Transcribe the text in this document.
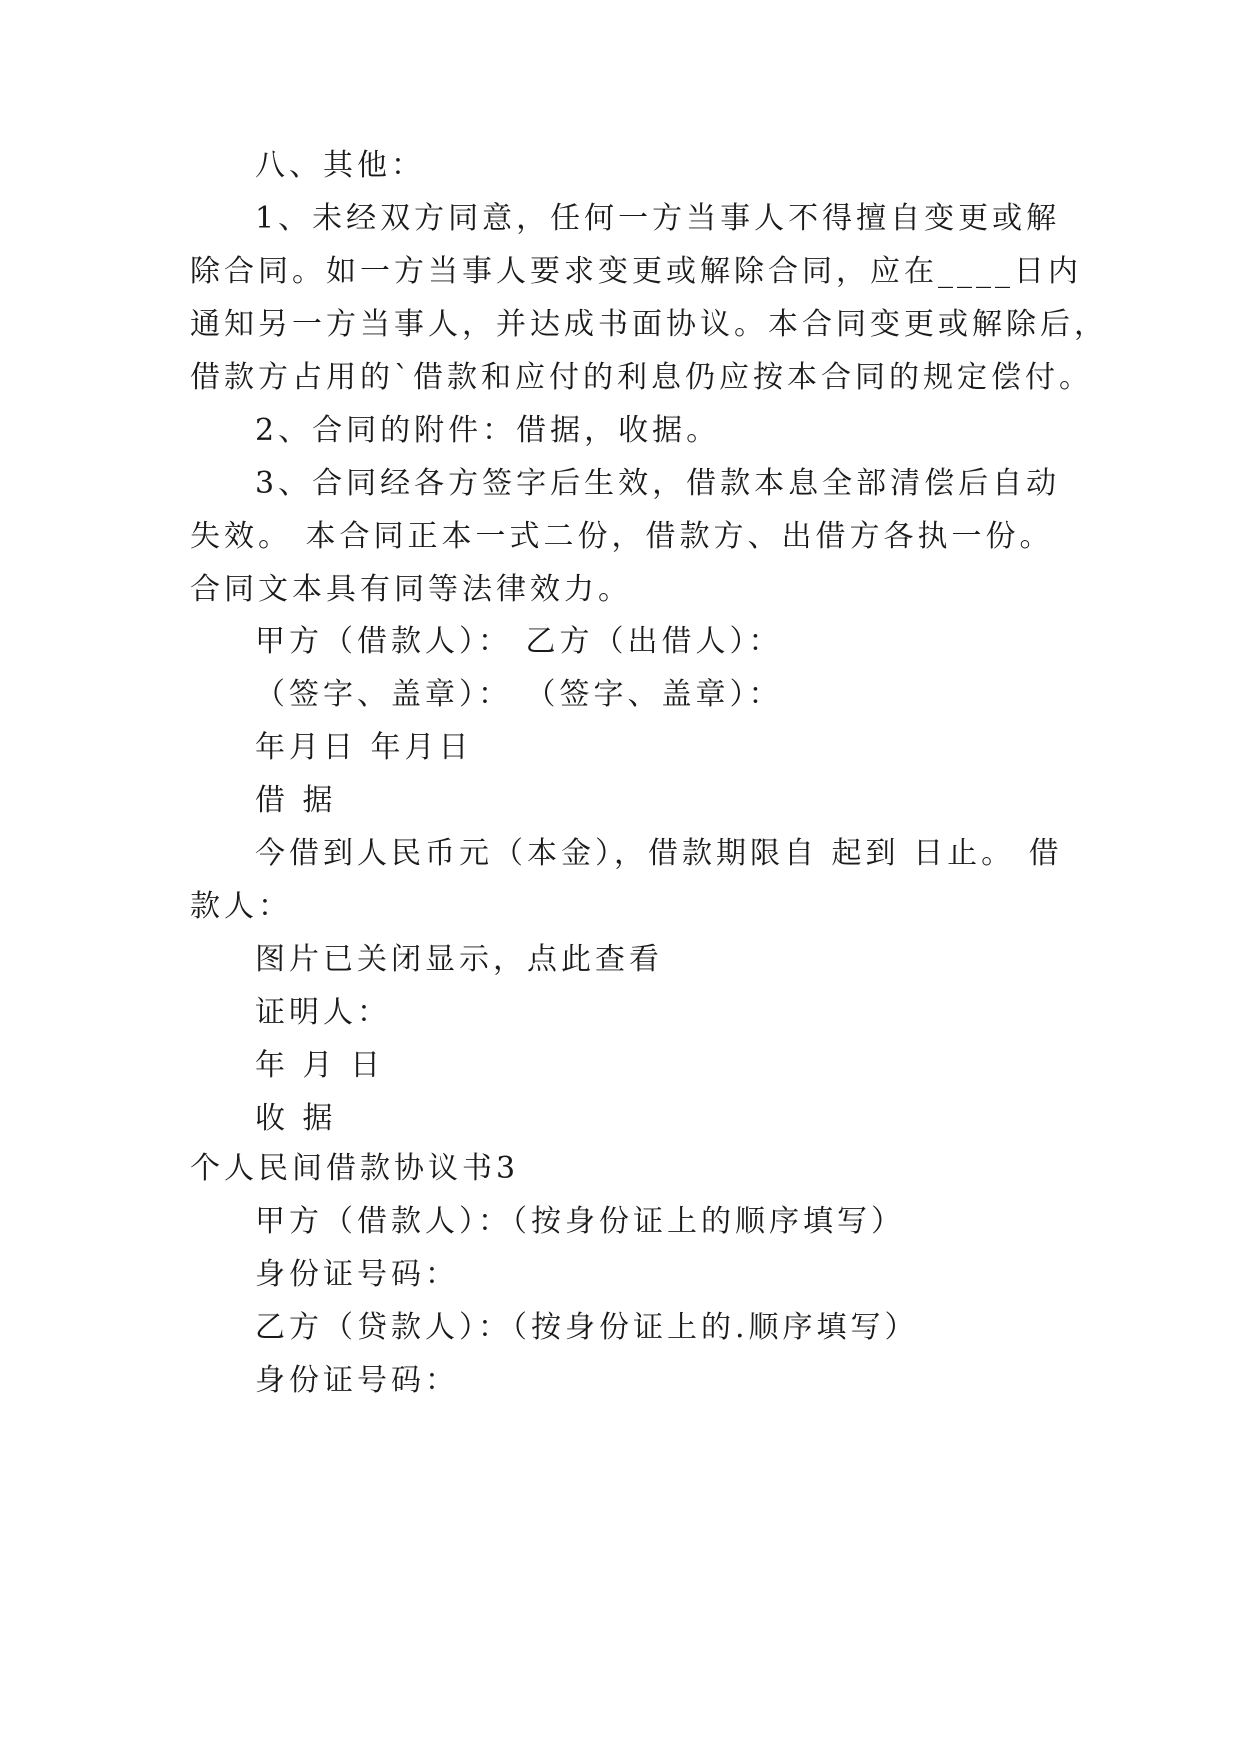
八、其他：
1、未经双方同意，任何一方当事人不得擅自变更或解
除合同。如一方当事人要求变更或解除合同，应在____日内
通知另一方当事人，并达成书面协议。本合同变更或解除后，
借款方占用的`借款和应付的利息仍应按本合同的规定偿付。
2、合同的附件：借据，收据。
3、合同经各方签字后生效，借款本息全部清偿后自动
失效。 本合同正本一式二份，借款方、出借方各执一份。
合同文本具有同等法律效力。
甲方（借款人）： 乙方（出借人）：
（签字、盖章）： （签字、盖章）：
年月日 年月日
借 据
今借到人民币元（本金），借款期限自 起到 日止。 借
款人：
图片已关闭显示，点此查看
证明人：
年 月 日
收 据
个人民间借款协议书3
甲方（借款人）：（按身份证上的顺序填写）
身份证号码：
乙方（贷款人）：（按身份证上的.顺序填写）
身份证号码：
